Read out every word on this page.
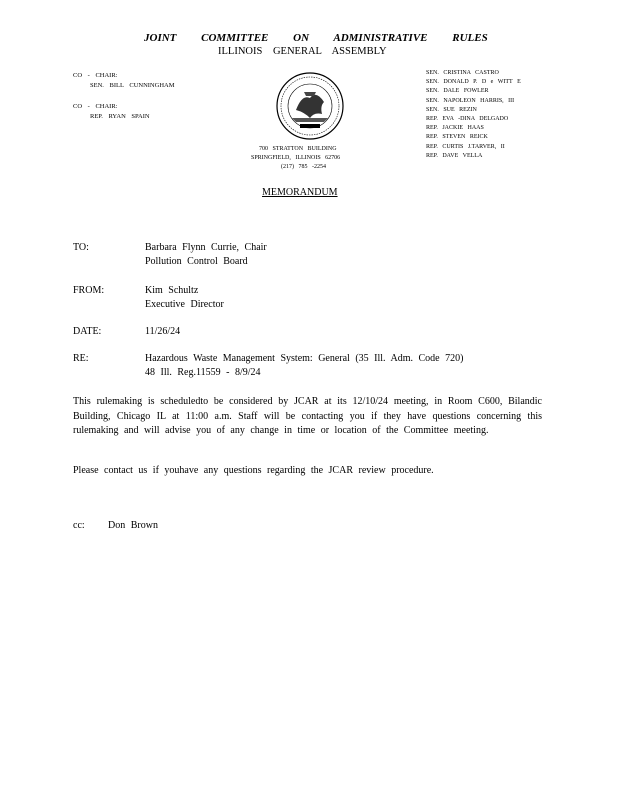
JOINT COMMITTEE ON ADMINISTRATIVE RULES
ILLINOIS GENERAL ASSEMBLY
CO - CHAIR:
SEN. BILL CUNNINGHAM
CO - CHAIR:
REP. RYAN SPAIN
700 STRATTON BUILDING
SPRINGFIELD, ILLINOIS 62706
(217) 785 -2254
SEN. CRISTINA CASTRO
SEN. DONALD P. D e WITT E
SEN. DALE FOWLER
SEN. NAPOLEON HARRIS, III
SEN. SUE REZIN
REP. EVA -DINA DELGADO
REP. JACKIE HAAS
REP. STEVEN REICK
REP. CURTIS J.TARVER, II
REP. DAVE VELLA
MEMORANDUM
TO:	Barbara Flynn Currie, Chair
Pollution Control Board
FROM:	Kim Schultz
Executive Director
DATE:	11/26/24
RE:	Hazardous Waste Management System: General (35 Ill. Adm. Code 720)
48 Ill. Reg.11559 - 8/9/24
This rulemaking is scheduledto be considered by JCAR at its 12/10/24 meeting, in Room C600, Bilandic Building, Chicago IL at 11:00 a.m. Staff will be contacting you if they have questions concerning this rulemaking and will advise you of any change in time or location of the Committee meeting.
Please contact us if youhave any questions regarding the JCAR review procedure.
cc: Don Brown
